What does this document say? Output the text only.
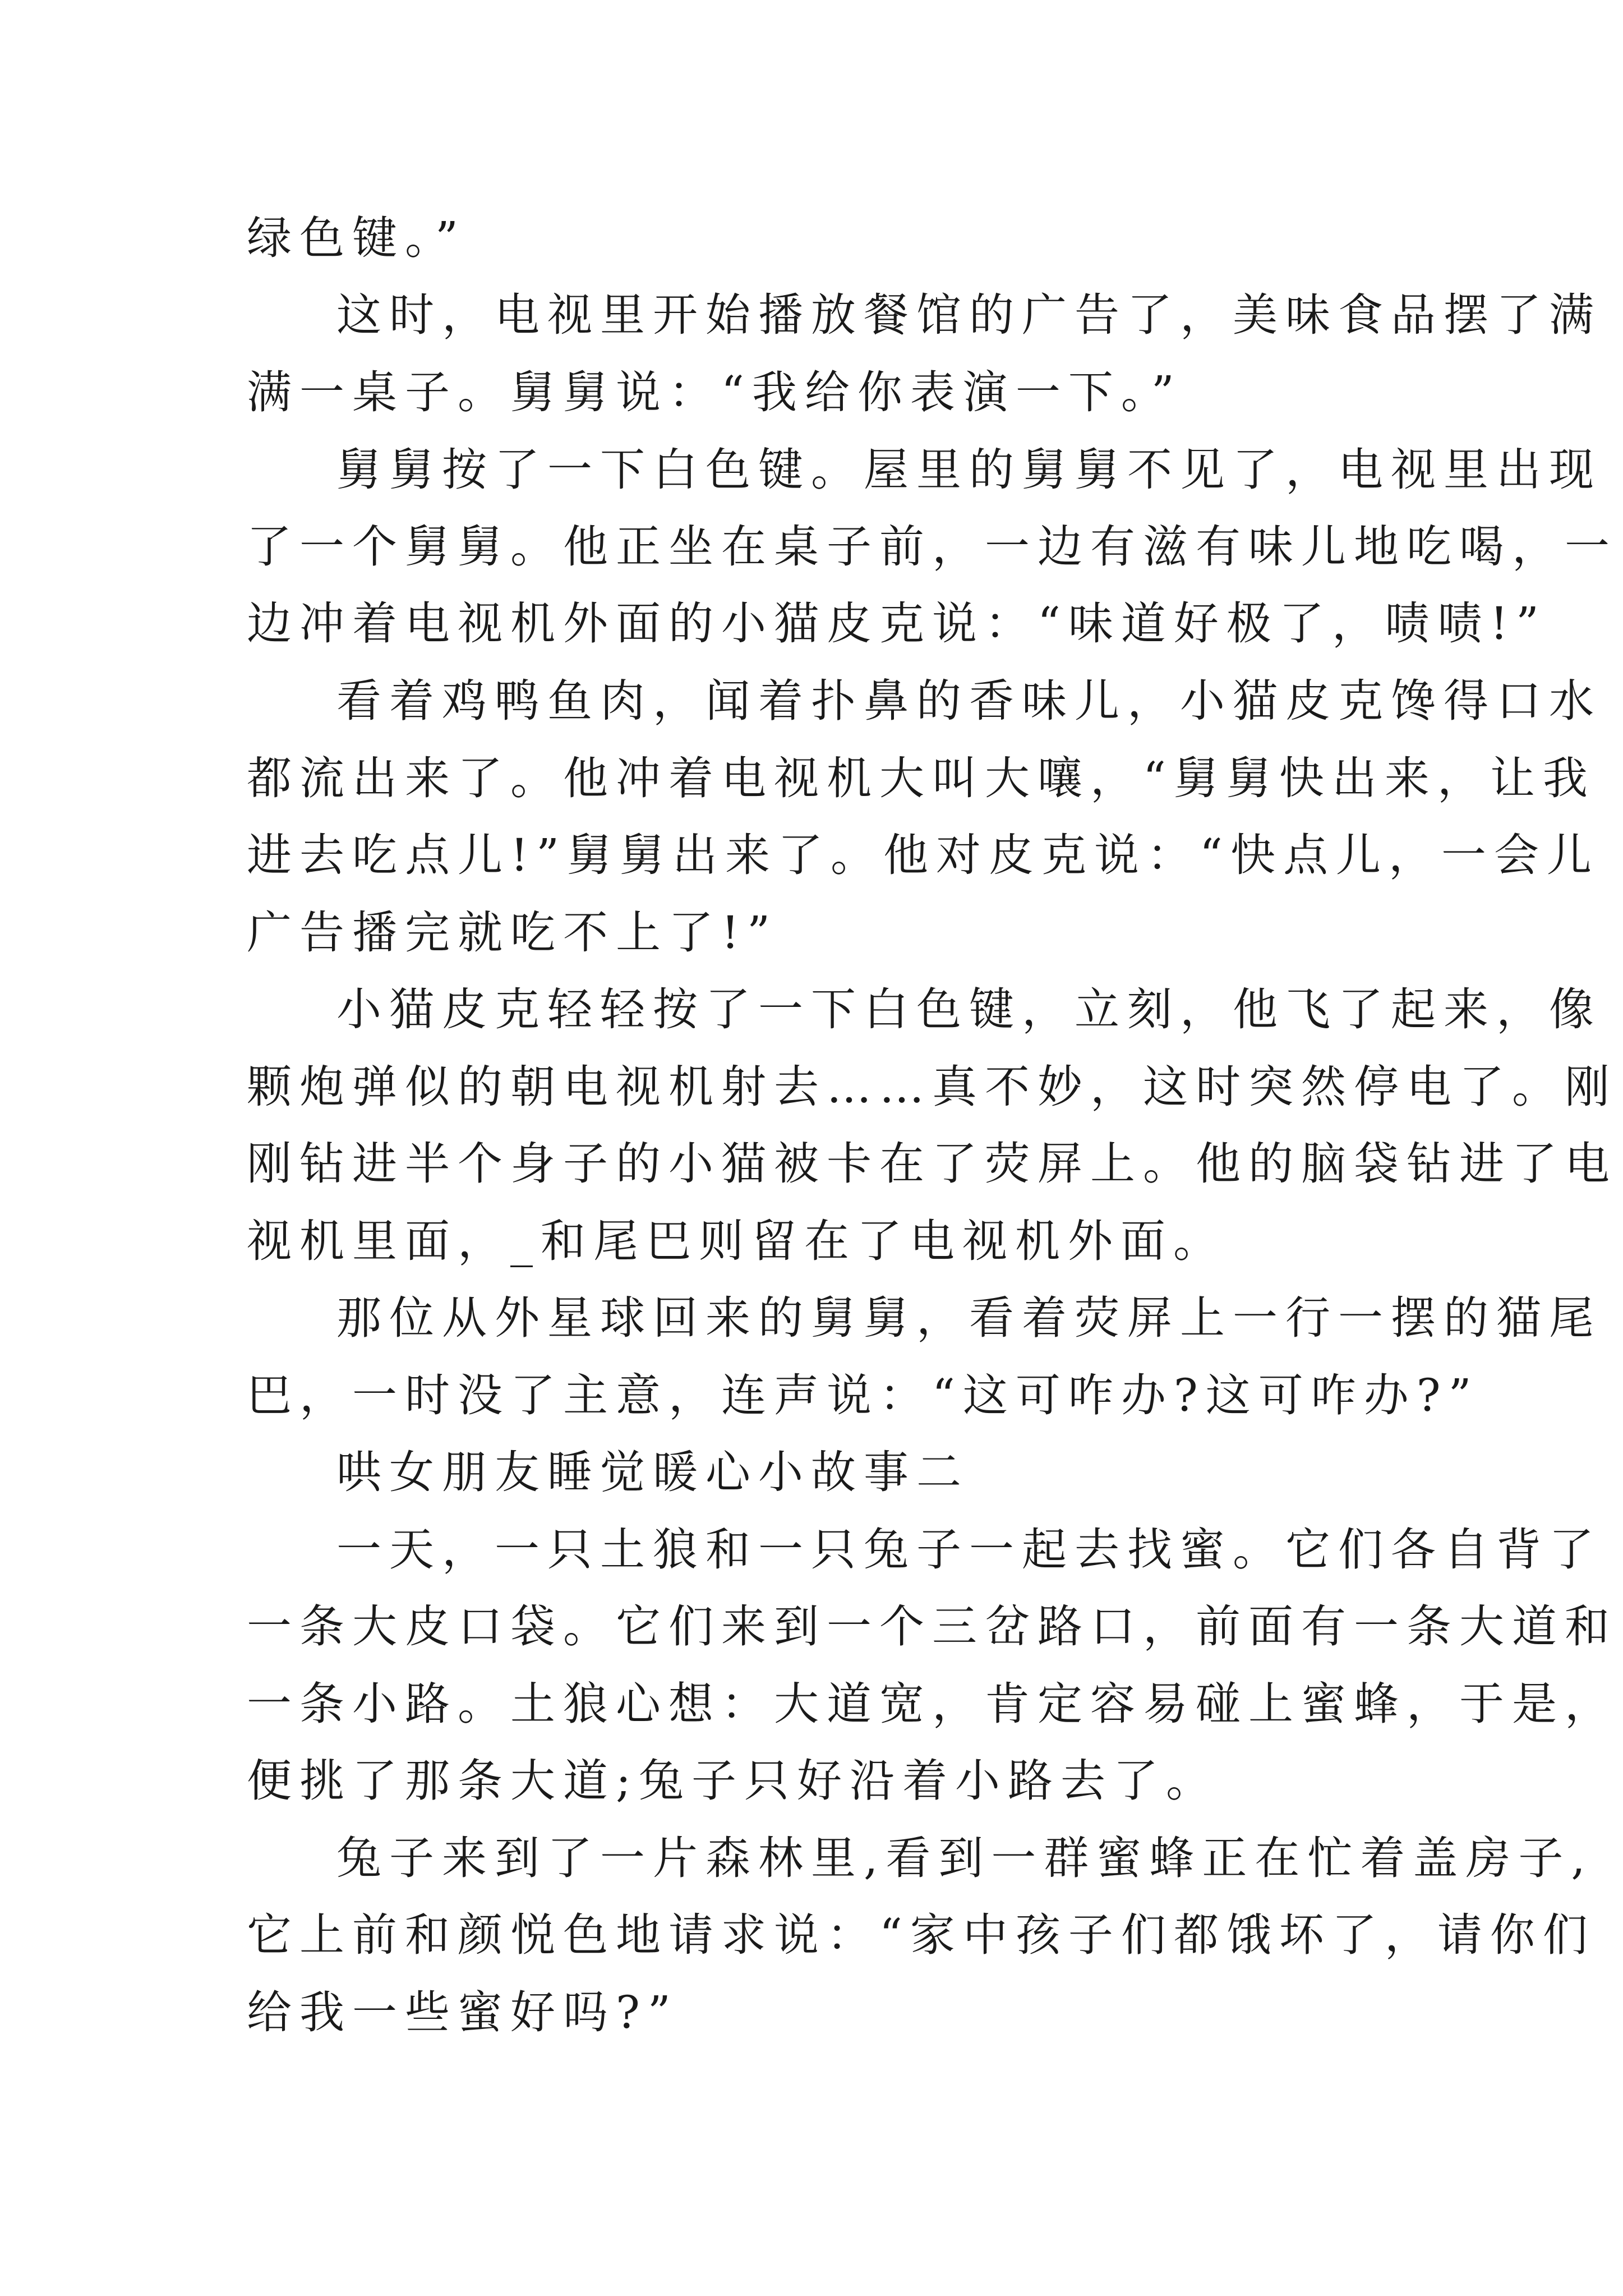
绿色键。”
这时，电视里开始播放餐馆的广告了，美味食品摆了满
满一桌子。舅舅说：“我给你表演一下。”
舅舅按了一下白色键。屋里的舅舅不见了，电视里出现
了一个舅舅。他正坐在桌子前，一边有滋有味儿地吃喝，一
边冲着电视机外面的小猫皮克说：“味道好极了，啧啧!”
看着鸡鸭鱼肉，闻着扑鼻的香味儿，小猫皮克馋得口水
都流出来了。他冲着电视机大叫大嚷，“舅舅快出来，让我
进去吃点儿!”舅舅出来了。他对皮克说：“快点儿，一会儿
广告播完就吃不上了!”
小猫皮克轻轻按了一下白色键，立刻，他飞了起来，像
颗炮弹似的朝电视机射去……真不妙，这时突然停电了。刚
刚钻进半个身子的小猫被卡在了荧屏上。他的脑袋钻进了电
视机里面，_和尾巴则留在了电视机外面。
那位从外星球回来的舅舅，看着荧屏上一行一摆的猫尾
巴，一时没了主意，连声说：“这可咋办?这可咋办?”
哄女朋友睡觉暖心小故事二
一天，一只土狼和一只兔子一起去找蜜。它们各自背了
一条大皮口袋。它们来到一个三岔路口，前面有一条大道和
一条小路。土狼心想：大道宽，肯定容易碰上蜜蜂，于是，
便挑了那条大道;兔子只好沿着小路去了。
兔子来到了一片森林里,看到一群蜜蜂正在忙着盖房子,
它上前和颜悦色地请求说：“家中孩子们都饿坏了，请你们
给我一些蜜好吗?”
